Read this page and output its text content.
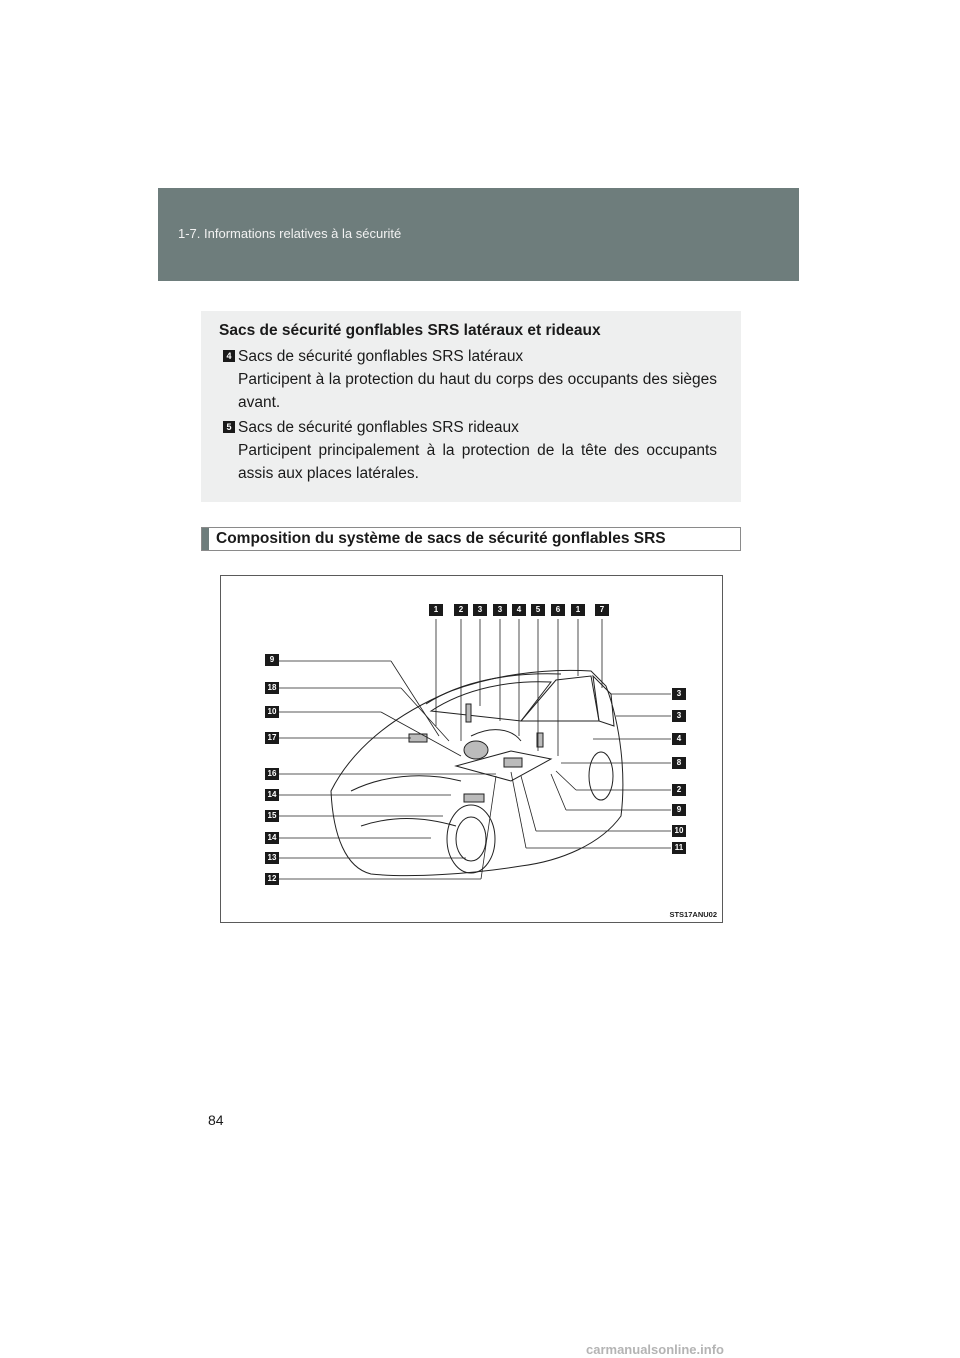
1-7. Informations relatives à la sécurité
Sacs de sécurité gonflables SRS latéraux et rideaux
4 Sacs de sécurité gonflables SRS latéraux
Participent à la protection du haut du corps des occupants des sièges avant.
5 Sacs de sécurité gonflables SRS rideaux
Participent principalement à la protection de la tête des occupants assis aux places latérales.
Composition du système de sacs de sécurité gonflables SRS
1	2	3	3	4	5	6	1	7
9
18
10
17
16
14
15
14
13
12
3
3
4
8
2
9
10
11
STS17ANU02
84
carmanualsonline.info
